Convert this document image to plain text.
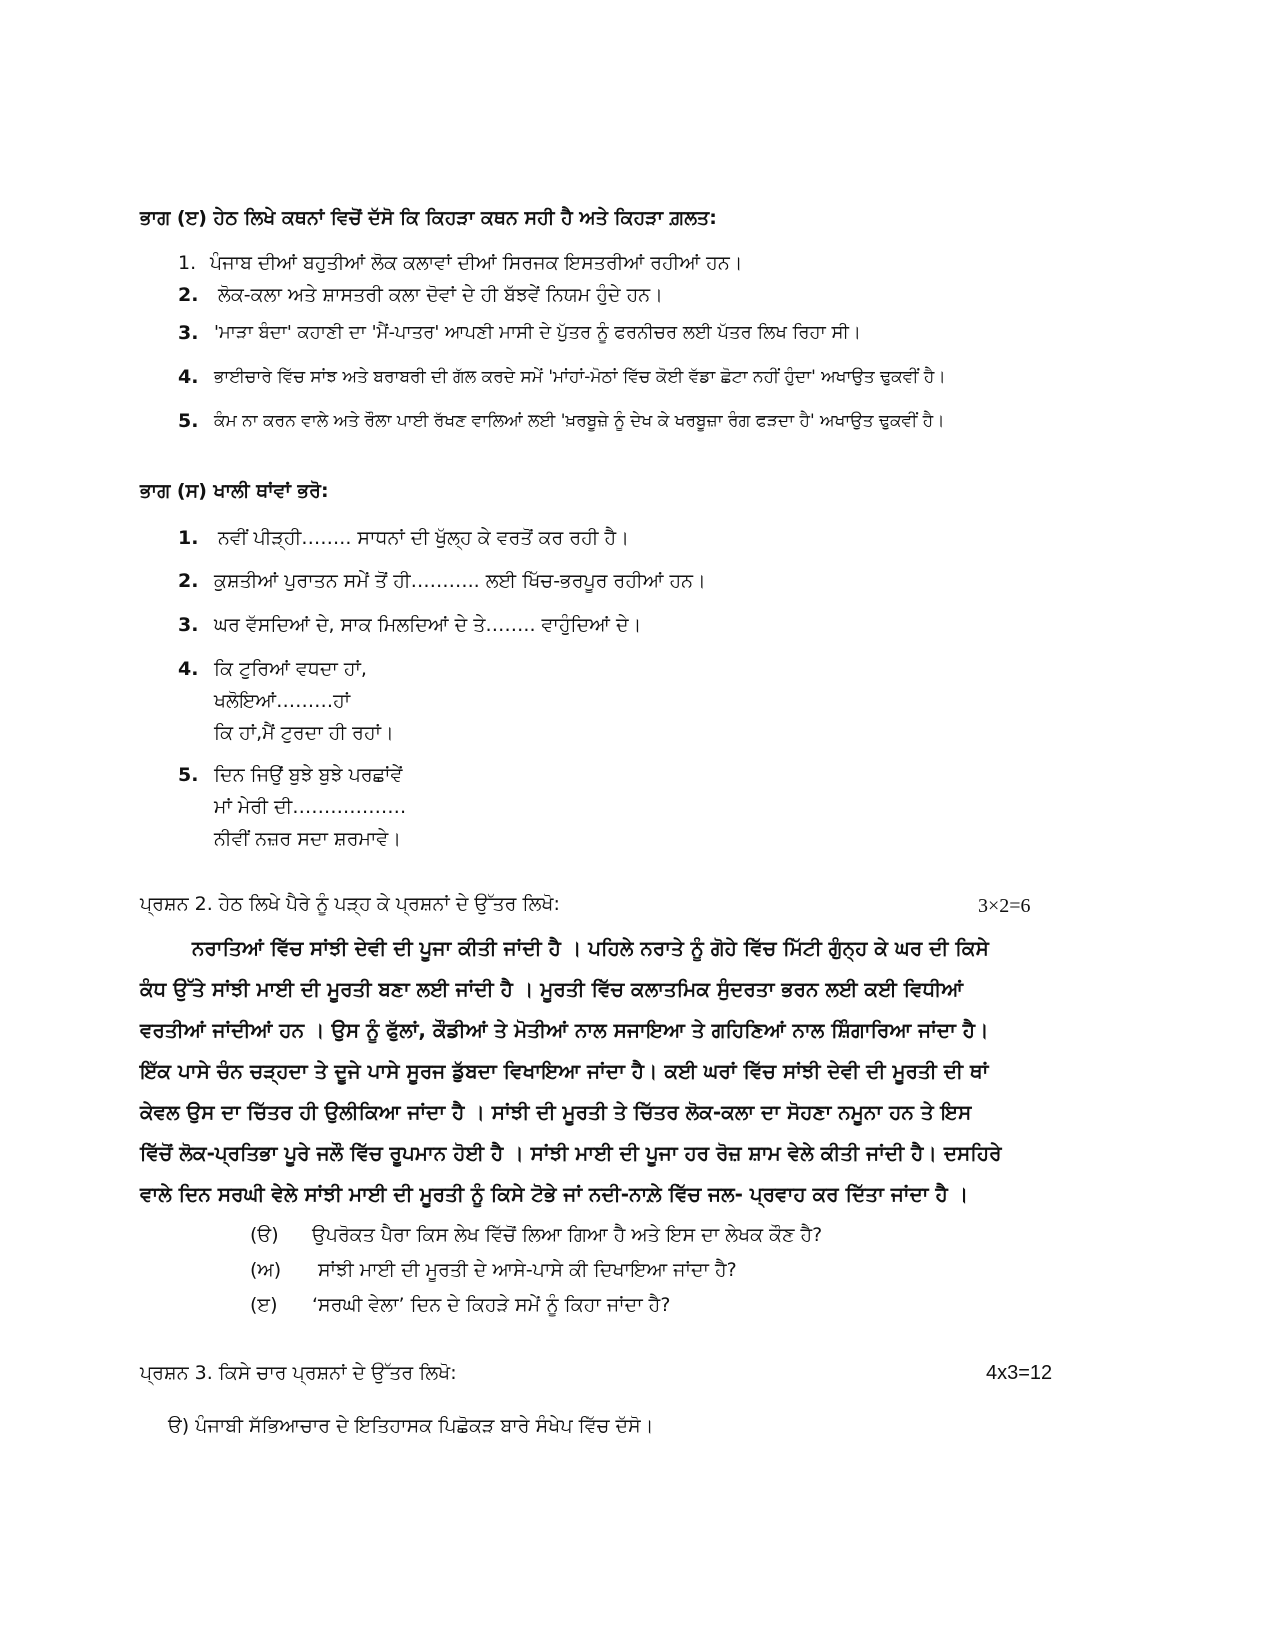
ਭਾਗ (ੲ) ਹੇਠ ਲਿਖੇ ਕਥਨਾਂ ਵਿਚੋਂ ਦੱਸੋ ਕਿ ਕਿਹੜਾ ਕਥਨ ਸਹੀ ਹੈ ਅਤੇ ਕਿਹੜਾ ਗ਼ਲਤ:
1. ਪੰਜਾਬ ਦੀਆਂ ਬਹੁਤੀਆਂ ਲੋਕ ਕਲਾਵਾਂ ਦੀਆਂ ਸਿਰਜਕ ਇਸਤਰੀਆਂ ਰਹੀਆਂ ਹਨ।
2. ਲੋਕ-ਕਲਾ ਅਤੇ ਸ਼ਾਸਤਰੀ ਕਲਾ ਦੋਵਾਂ ਦੇ ਹੀ ਬੱਝਵੇਂ ਨਿਯਮ ਹੁੰਦੇ ਹਨ।
3. 'ਮਾੜਾ ਬੰਦਾ' ਕਹਾਣੀ ਦਾ 'ਮੈਂ-ਪਾਤਰ' ਆਪਣੀ ਮਾਸੀ ਦੇ ਪੁੱਤਰ ਨੂੰ ਫਰਨੀਚਰ ਲਈ ਪੱਤਰ ਲਿਖ ਰਿਹਾ ਸੀ।
4. ਭਾਈਚਾਰੇ ਵਿੱਚ ਸਾਂਝ ਅਤੇ ਬਰਾਬਰੀ ਦੀ ਗੱਲ ਕਰਦੇ ਸਮੇਂ 'ਮਾਂਹਾਂ-ਮੋਠਾਂ ਵਿੱਚ ਕੋਈ ਵੱਡਾ ਛੋਟਾ ਨਹੀਂ ਹੁੰਦਾ' ਅਖਾਉਤ ਢੁਕਵੀਂ ਹੈ।
5. ਕੰਮ ਨਾ ਕਰਨ ਵਾਲੇ ਅਤੇ ਰੌਲਾ ਪਾਈ ਰੱਖਣ ਵਾਲਿਆਂ ਲਈ 'ਖ਼ਰਬੂਜ਼ੇ ਨੂੰ ਦੇਖ ਕੇ ਖਰਬੂਜ਼ਾ ਰੰਗ ਫੜਦਾ ਹੈ' ਅਖਾਉਤ ਢੁਕਵੀਂ ਹੈ।
ਭਾਗ (ਸ) ਖਾਲੀ ਥਾਂਵਾਂ ਭਰੋ:
1. ਨਵੀਂ ਪੀੜ੍ਹੀ…….. ਸਾਧਨਾਂ ਦੀ ਖੁੱਲ੍ਹ ਕੇ ਵਰਤੋਂ ਕਰ ਰਹੀ ਹੈ।
2. ਕੁਸ਼ਤੀਆਂ ਪੁਰਾਤਨ ਸਮੇਂ ਤੋਂ ਹੀ……….. ਲਈ ਖਿੱਚ-ਭਰਪੂਰ ਰਹੀਆਂ ਹਨ।
3. ਘਰ ਵੱਸਦਿਆਂ ਦੇ, ਸਾਕ ਮਿਲਦਿਆਂ ਦੇ ਤੇ…….. ਵਾਹੁੰਦਿਆਂ ਦੇ।
4. ਕਿ ਟੁਰਿਆਂ ਵਧਦਾ ਹਾਂ,
ਖਲੋਇਆਂ………ਹਾਂ
ਕਿ ਹਾਂ,ਮੈਂ ਟੁਰਦਾ ਹੀ ਰਹਾਂ।
5. ਦਿਨ ਜਿਉਂ ਬੁਝੇ ਬੁਝੇ ਪਰਛਾਂਵੇਂ
ਮਾਂ ਮੇਰੀ ਦੀ………………
ਨੀਵੀਂ ਨਜ਼ਰ ਸਦਾ ਸ਼ਰਮਾਵੇ।
ਪ੍ਰਸ਼ਨ 2. ਹੇਠ ਲਿਖੇ ਪੈਰੇ ਨੂੰ ਪੜ੍ਹ ਕੇ ਪ੍ਰਸ਼ਨਾਂ ਦੇ ਉੱਤਰ ਲਿਖੋ:	3×2=6
ਨਰਾਤਿਆਂ ਵਿੱਚ ਸਾਂਝੀ ਦੇਵੀ ਦੀ ਪੂਜਾ ਕੀਤੀ ਜਾਂਦੀ ਹੈ । ਪਹਿਲੇ ਨਰਾਤੇ ਨੂੰ ਗੋਹੇ ਵਿੱਚ ਮਿੱਟੀ ਗੁੰਨ੍ਹ ਕੇ ਘਰ ਦੀ ਕਿਸੇ
ਕੰਧ ਉੱਤੇ ਸਾਂਝੀ ਮਾਈ ਦੀ ਮੂਰਤੀ ਬਣਾ ਲਈ ਜਾਂਦੀ ਹੈ । ਮੂਰਤੀ ਵਿੱਚ ਕਲਾਤਮਿਕ ਸੁੰਦਰਤਾ ਭਰਨ ਲਈ ਕਈ ਵਿਧੀਆਂ
ਵਰਤੀਆਂ ਜਾਂਦੀਆਂ ਹਨ । ਉਸ ਨੂੰ ਫੁੱਲਾਂ, ਕੌਡੀਆਂ ਤੇ ਮੋਤੀਆਂ ਨਾਲ ਸਜਾਇਆ ਤੇ ਗਹਿਣਿਆਂ ਨਾਲ ਸ਼ਿੰਗਾਰਿਆ ਜਾਂਦਾ ਹੈ।
ਇੱਕ ਪਾਸੇ ਚੰਨ ਚੜ੍ਹਦਾ ਤੇ ਦੂਜੇ ਪਾਸੇ ਸੂਰਜ ਡੁੱਬਦਾ ਵਿਖਾਇਆ ਜਾਂਦਾ ਹੈ। ਕਈ ਘਰਾਂ ਵਿੱਚ ਸਾਂਝੀ ਦੇਵੀ ਦੀ ਮੂਰਤੀ ਦੀ ਥਾਂ
ਕੇਵਲ ਉਸ ਦਾ ਚਿੱਤਰ ਹੀ ਉਲੀਕਿਆ ਜਾਂਦਾ ਹੈ । ਸਾਂਝੀ ਦੀ ਮੂਰਤੀ ਤੇ ਚਿੱਤਰ ਲੋਕ-ਕਲਾ ਦਾ ਸੋਹਣਾ ਨਮੂਨਾ ਹਨ ਤੇ ਇਸ
ਵਿੱਚੋਂ ਲੋਕ-ਪ੍ਰਤਿਭਾ ਪੂਰੇ ਜਲੌ ਵਿੱਚ ਰੂਪਮਾਨ ਹੋਈ ਹੈ । ਸਾਂਝੀ ਮਾਈ ਦੀ ਪੂਜਾ ਹਰ ਰੋਜ਼ ਸ਼ਾਮ ਵੇਲੇ ਕੀਤੀ ਜਾਂਦੀ ਹੈ। ਦਸਹਿਰੇ
ਵਾਲੇ ਦਿਨ ਸਰਘੀ ਵੇਲੇ ਸਾਂਝੀ ਮਾਈ ਦੀ ਮੂਰਤੀ ਨੂੰ ਕਿਸੇ ਟੋਭੇ ਜਾਂ ਨਦੀ-ਨਾਲ਼ੇ ਵਿੱਚ ਜਲ- ਪ੍ਰਵਾਹ ਕਰ ਦਿੱਤਾ ਜਾਂਦਾ ਹੈ ।
(ੳ) ਉਪਰੋਕਤ ਪੈਰਾ ਕਿਸ ਲੇਖ ਵਿੱਚੋਂ ਲਿਆ ਗਿਆ ਹੈ ਅਤੇ ਇਸ ਦਾ ਲੇਖਕ ਕੌਣ ਹੈ?
(ਅ) ਸਾਂਝੀ ਮਾਈ ਦੀ ਮੂਰਤੀ ਦੇ ਆਸੇ-ਪਾਸੇ ਕੀ ਦਿਖਾਇਆ ਜਾਂਦਾ ਹੈ?
(ੲ) ‘ਸਰਘੀ ਵੇਲਾ’ ਦਿਨ ਦੇ ਕਿਹੜੇ ਸਮੇਂ ਨੂੰ ਕਿਹਾ ਜਾਂਦਾ ਹੈ?
ਪ੍ਰਸ਼ਨ 3. ਕਿਸੇ ਚਾਰ ਪ੍ਰਸ਼ਨਾਂ ਦੇ ਉੱਤਰ ਲਿਖੋ:	4x3=12
ੳ) ਪੰਜਾਬੀ ਸੱਭਿਆਚਾਰ ਦੇ ਇਤਿਹਾਸਕ ਪਿਛੋਕੜ ਬਾਰੇ ਸੰਖੇਪ ਵਿੱਚ ਦੱਸੋ।
